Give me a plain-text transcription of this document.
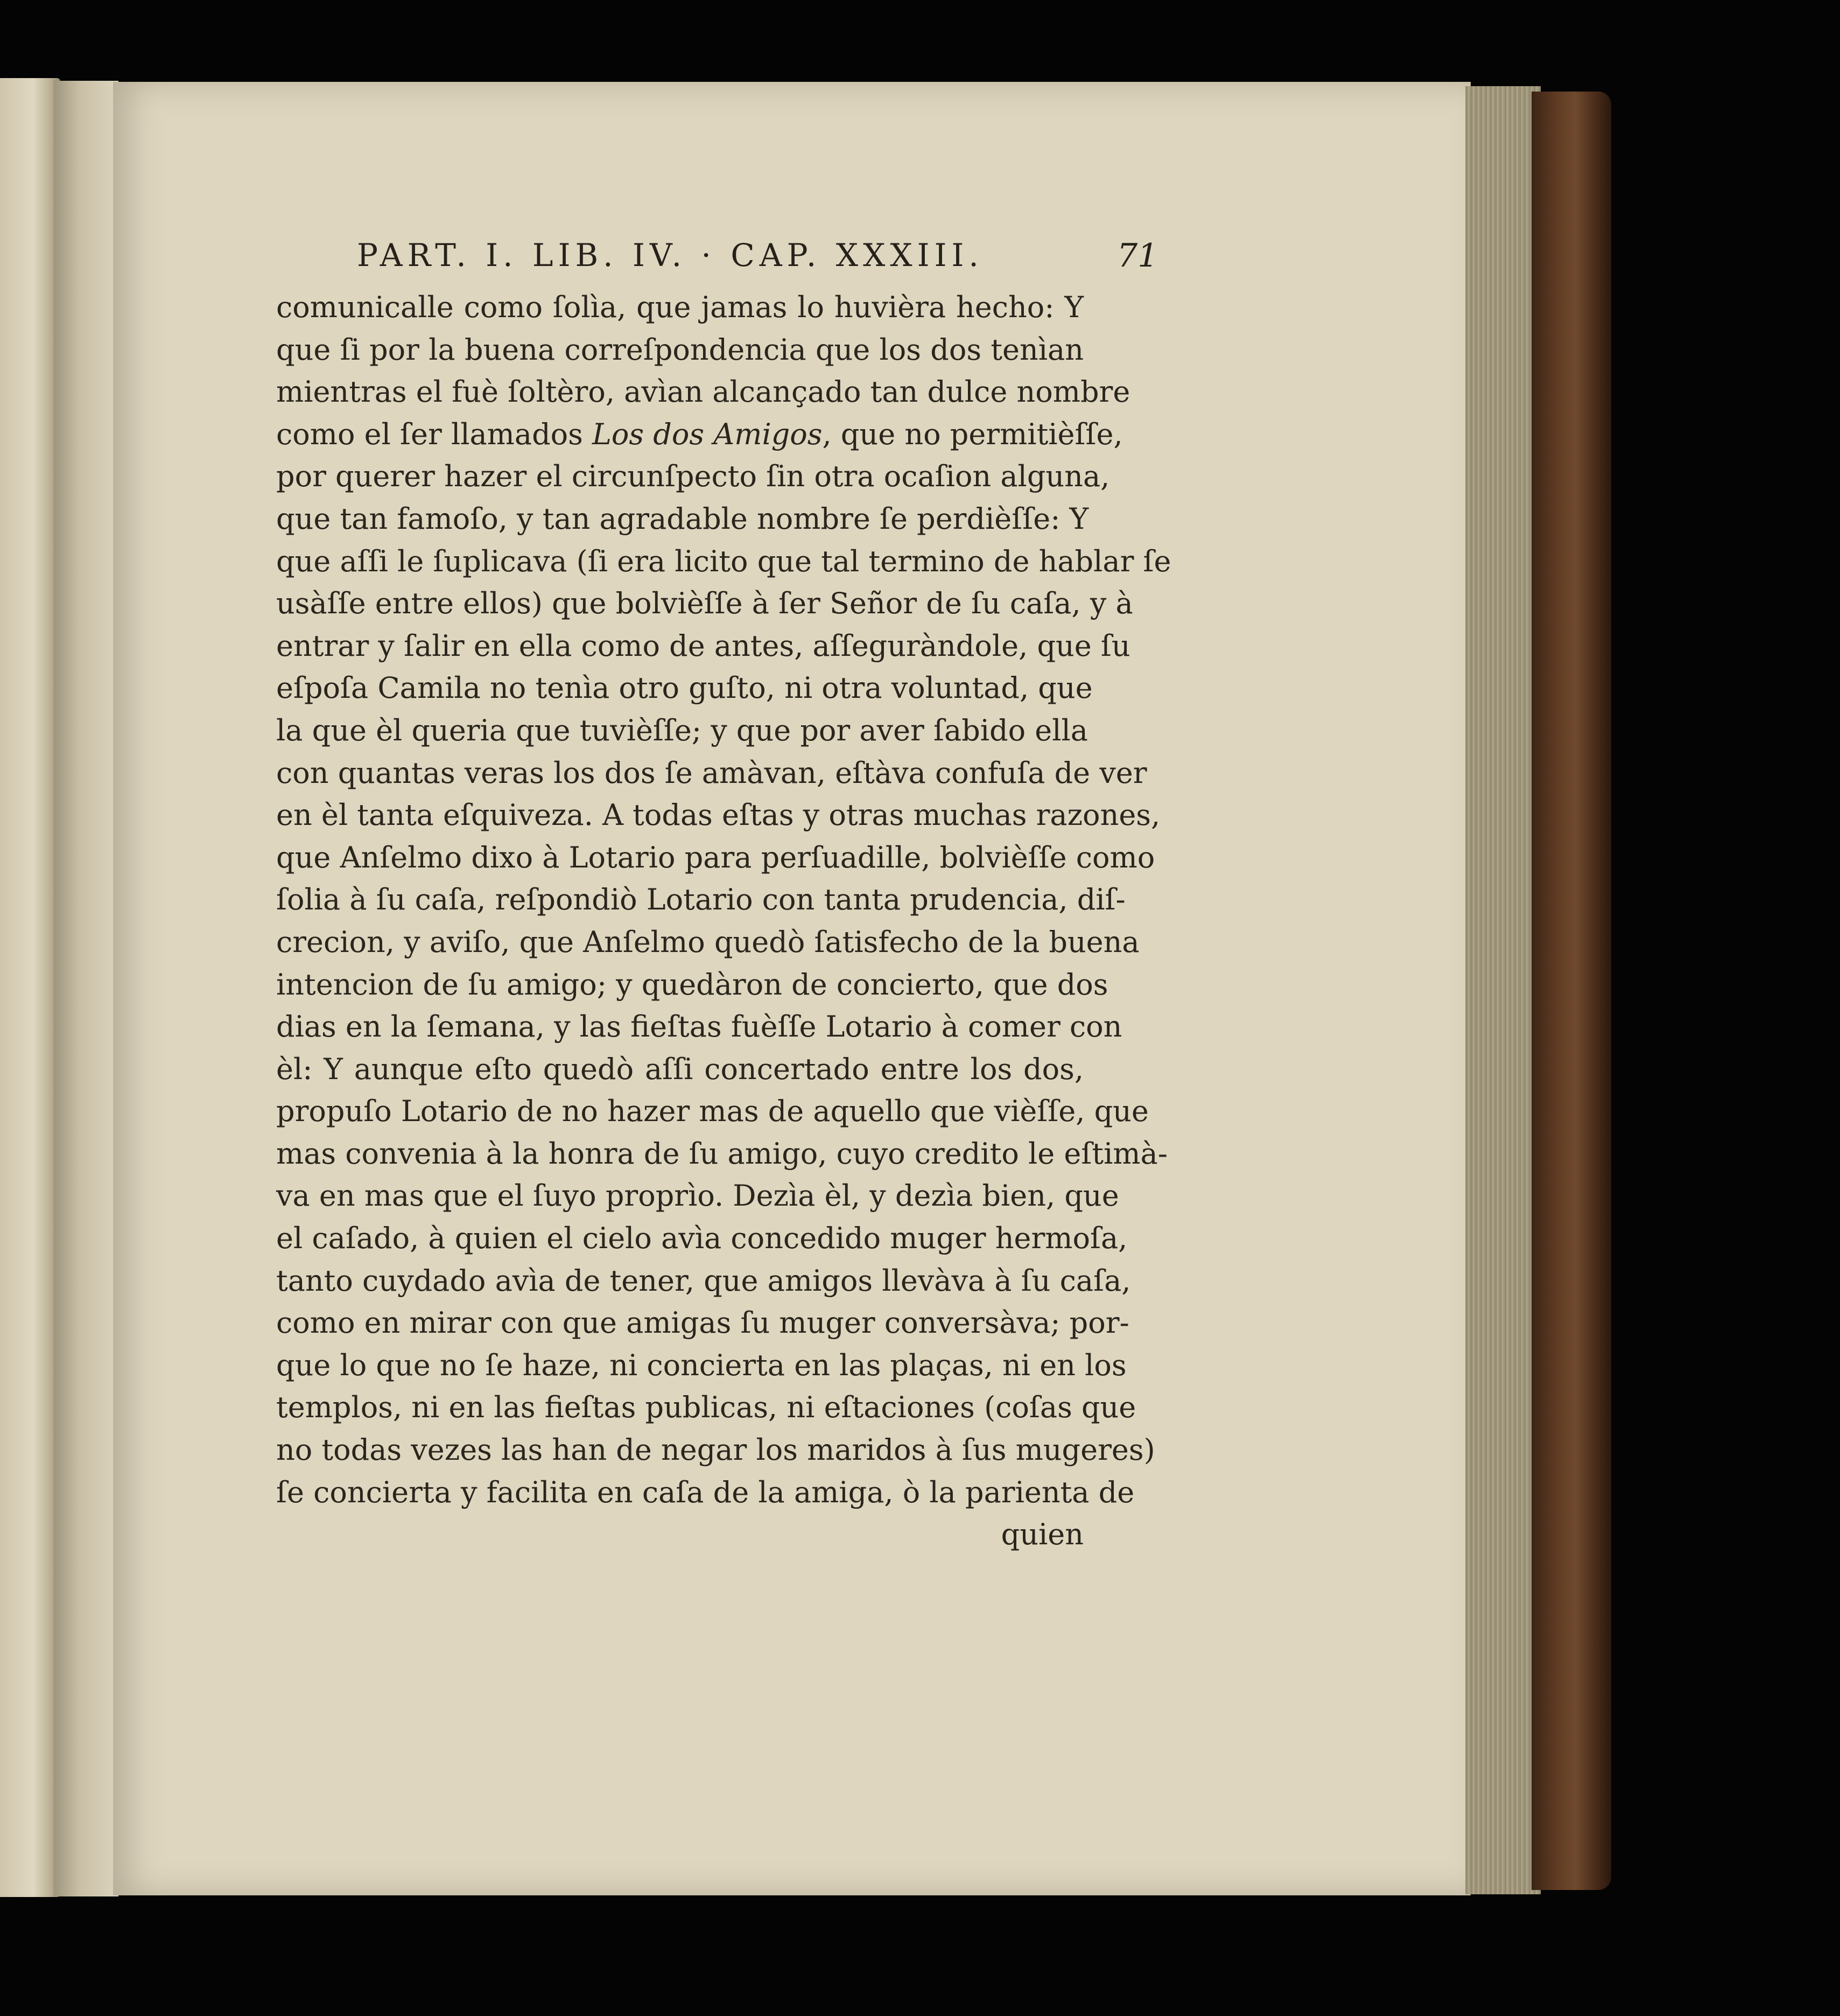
PART. I. LIB. IV. · CAP. XXXIII.	71
comunicalle como ſolìa, que jamas lo huvièra hecho: Y
que ſi por la buena correſpondencia que los dos tenìan
mientras el fuè ſoltèro, avìan alcançado tan dulce nombre
como el ſer llamados Los dos Amigos, que no permitièſſe,
por querer hazer el circunſpecto ſin otra ocaſion alguna,
que tan famoſo, y tan agradable nombre ſe perdièſſe: Y
que aſſi le ſuplicava (ſi era licito que tal termino de hablar ſe
usàſſe entre ellos) que bolvièſſe à ſer Señor de ſu caſa, y à
entrar y ſalir en ella como de antes, aſſeguràndole, que ſu
eſpoſa Camila no tenìa otro guſto, ni otra voluntad, que
la que èl queria que tuvièſſe; y que por aver ſabido ella
con quantas veras los dos ſe amàvan, eſtàva confuſa de ver
en èl tanta eſquiveza. A todas eſtas y otras muchas razones,
que Anſelmo dixo à Lotario para perſuadille, bolvièſſe como
ſolia à ſu caſa, reſpondiò Lotario con tanta prudencia, diſ-
crecion, y aviſo, que Anſelmo quedò ſatisfecho de la buena
intencion de ſu amigo; y quedàron de concierto, que dos
dias en la ſemana, y las fieſtas fuèſſe Lotario à comer con
èl: Y aunque eſto quedò aſſi concertado entre los dos,
propuſo Lotario de no hazer mas de aquello que vièſſe, que
mas convenia à la honra de ſu amigo, cuyo credito le eſtimà-
va en mas que el ſuyo proprìo. Dezìa èl, y dezìa bien, que
el caſado, à quien el cielo avìa concedido muger hermoſa,
tanto cuydado avìa de tener, que amigos llevàva à ſu caſa,
como en mirar con que amigas ſu muger conversàva; por-
que lo que no ſe haze, ni concierta en las plaças, ni en los
templos, ni en las fieſtas publicas, ni eſtaciones (coſas que
no todas vezes las han de negar los maridos à ſus mugeres)
ſe concierta y facilita en caſa de la amiga, ò la parienta de
quien
